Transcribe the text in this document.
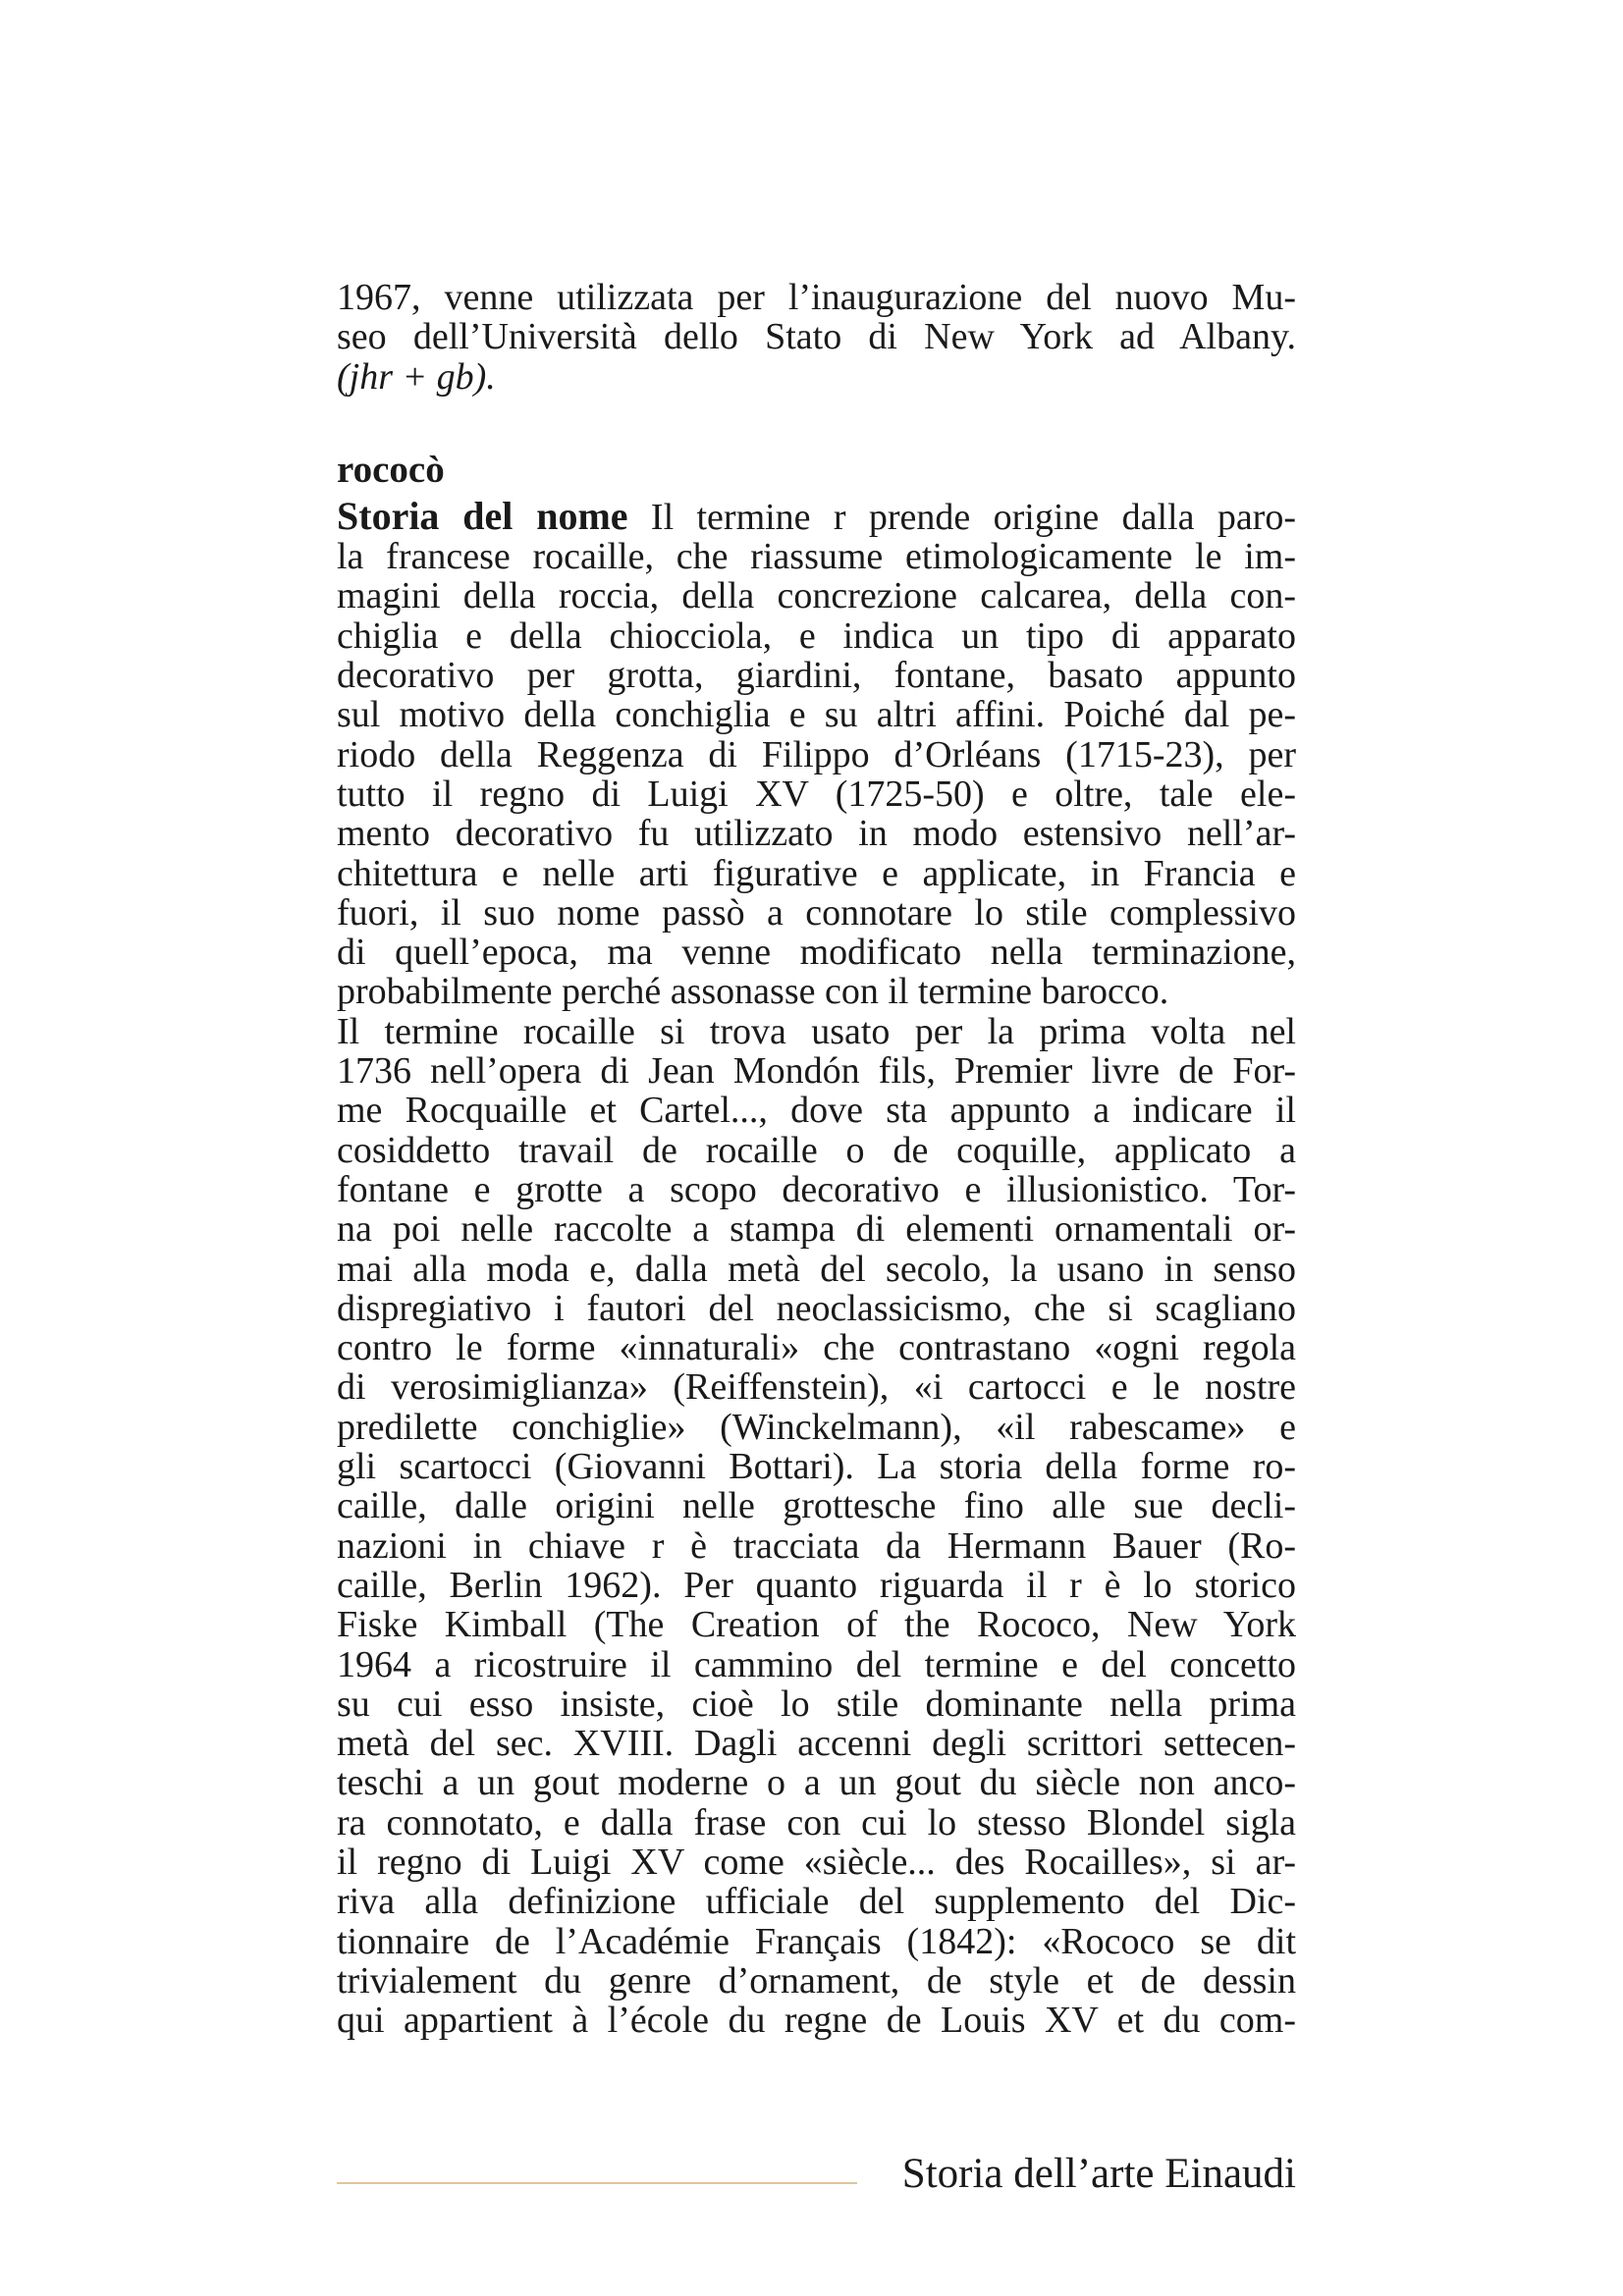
1967, venne utilizzata per l’inaugurazione del nuovo Mu-
seo dell’Università dello Stato di New York ad Albany.
(jhr + gb).
rococò
Storia del nome Il termine r prende origine dalla paro-
la francese rocaille, che riassume etimologicamente le im-
magini della roccia, della concrezione calcarea, della con-
chiglia e della chiocciola, e indica un tipo di apparato
decorativo per grotta, giardini, fontane, basato appunto
sul motivo della conchiglia e su altri affini. Poiché dal pe-
riodo della Reggenza di Filippo d’Orléans (1715-23), per
tutto il regno di Luigi XV (1725-50) e oltre, tale ele-
mento decorativo fu utilizzato in modo estensivo nell’ar-
chitettura e nelle arti figurative e applicate, in Francia e
fuori, il suo nome passò a connotare lo stile complessivo
di quell’epoca, ma venne modificato nella terminazione,
probabilmente perché assonasse con il termine barocco.
Il termine rocaille si trova usato per la prima volta nel
1736 nell’opera di Jean Mondón fils, Premier livre de For-
me Rocquaille et Cartel..., dove sta appunto a indicare il
cosiddetto travail de rocaille o de coquille, applicato a
fontane e grotte a scopo decorativo e illusionistico. Tor-
na poi nelle raccolte a stampa di elementi ornamentali or-
mai alla moda e, dalla metà del secolo, la usano in senso
dispregiativo i fautori del neoclassicismo, che si scagliano
contro le forme «innaturali» che contrastano «ogni regola
di verosimiglianza» (Reiffenstein), «i cartocci e le nostre
predilette conchiglie» (Winckelmann), «il rabescame» e
gli scartocci (Giovanni Bottari). La storia della forme ro-
caille, dalle origini nelle grottesche fino alle sue decli-
nazioni in chiave r è tracciata da Hermann Bauer (Ro-
caille, Berlin 1962). Per quanto riguarda il r è lo storico
Fiske Kimball (The Creation of the Rococo, New York
1964 a ricostruire il cammino del termine e del concetto
su cui esso insiste, cioè lo stile dominante nella prima
metà del sec. XVIII. Dagli accenni degli scrittori settecen-
teschi a un gout moderne o a un gout du siècle non anco-
ra connotato, e dalla frase con cui lo stesso Blondel sigla
il regno di Luigi XV come «siècle... des Rocailles», si ar-
riva alla definizione ufficiale del supplemento del Dic-
tionnaire de l’Académie Français (1842): «Rococo se dit
trivialement du genre d’ornament, de style et de dessin
qui appartient à l’école du regne de Louis XV et du com-
Storia dell’arte Einaudi
